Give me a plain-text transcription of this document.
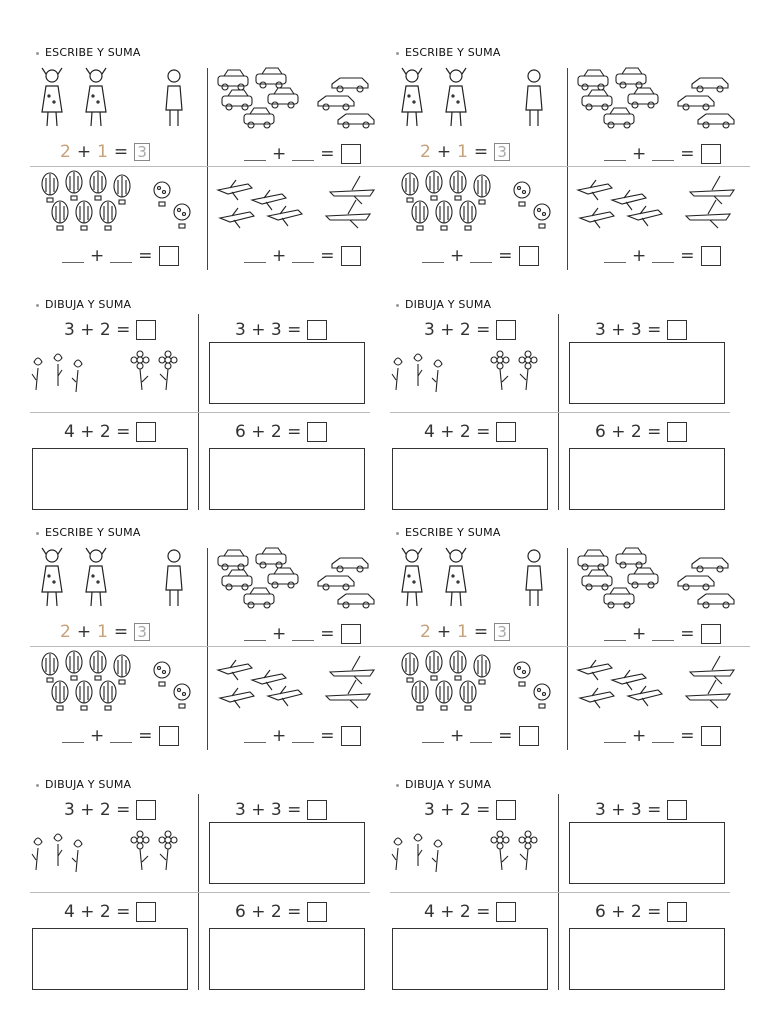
ESCRIBE Y SUMA
2 + 1 = 3	+ =
+ =	+ =
ESCRIBE Y SUMA
2 + 1 = 3	+ =
+ =	+ =
DIBUJA Y SUMA
3 + 2 =	3 + 3 =
4 + 2 =	6 + 2 =
DIBUJA Y SUMA
3 + 2 =	3 + 3 =
4 + 2 =	6 + 2 =
ESCRIBE Y SUMA
2 + 1 = 3	+ =
+ =	+ =
ESCRIBE Y SUMA
2 + 1 = 3	+ =
+ =	+ =
DIBUJA Y SUMA
3 + 2 =	3 + 3 =
4 + 2 =	6 + 2 =
DIBUJA Y SUMA
3 + 2 =	3 + 3 =
4 + 2 =	6 + 2 =
